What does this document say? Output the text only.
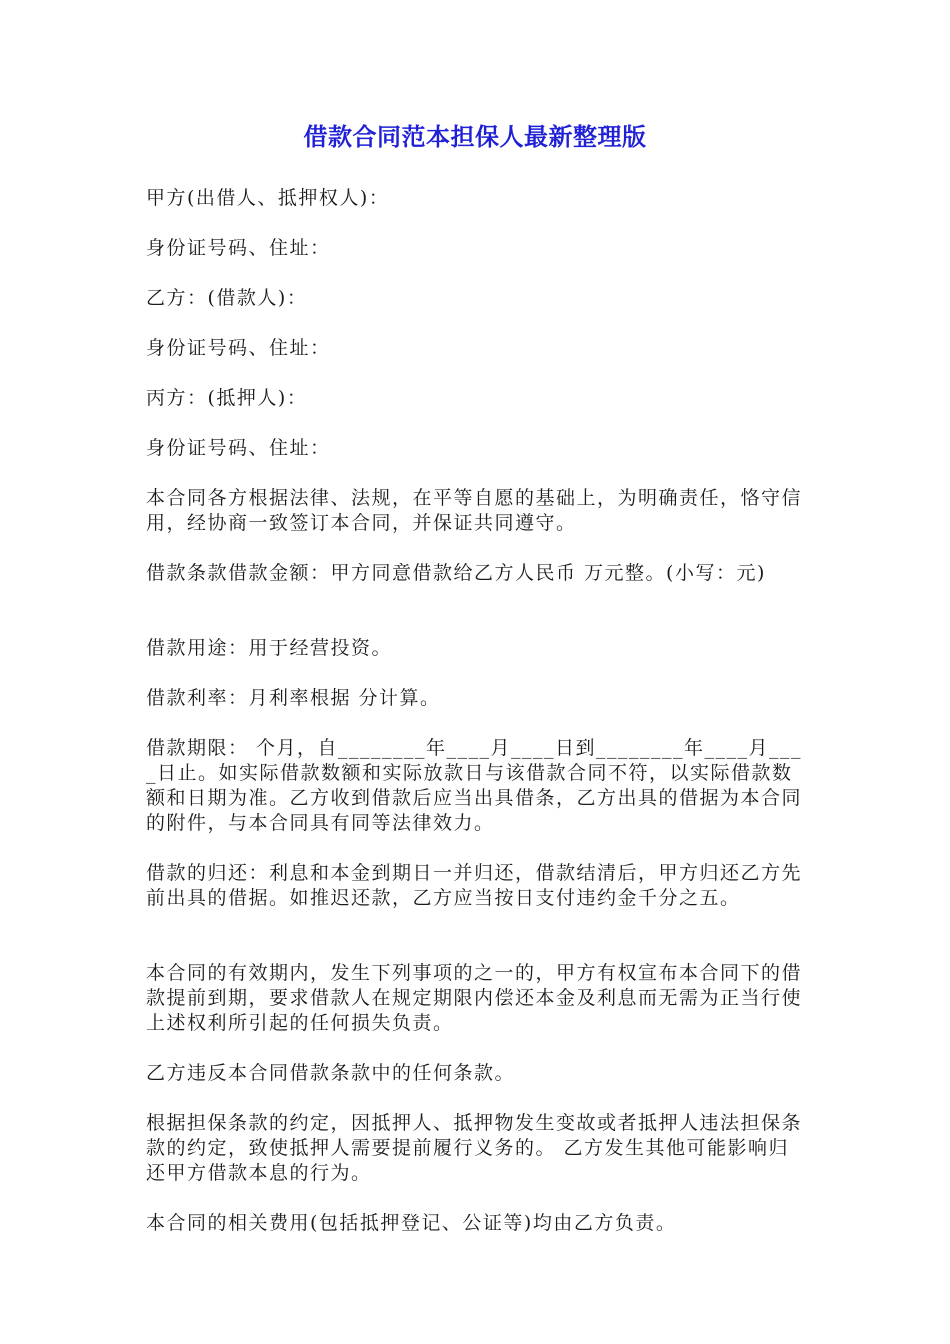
借款合同范本担保人最新整理版

甲方(出借人、抵押权人)：

身份证号码、住址：

乙方：(借款人)：

身份证号码、住址：

丙方：(抵押人)：

身份证号码、住址：

本合同各方根据法律、法规，在平等自愿的基础上，为明确责任，恪守信用，经协商一致签订本合同，并保证共同遵守。

借款条款借款金额：甲方同意借款给乙方人民币 万元整。(小写：元)

借款用途：用于经营投资。

借款利率：月利率根据 分计算。

借款期限： 个月，自________年____月____日到________年____月____日止。如实际借款数额和实际放款日与该借款合同不符，以实际借款数额和日期为准。乙方收到借款后应当出具借条，乙方出具的借据为本合同的附件，与本合同具有同等法律效力。

借款的归还：利息和本金到期日一并归还，借款结清后，甲方归还乙方先前出具的借据。如推迟还款，乙方应当按日支付违约金千分之五。

本合同的有效期内，发生下列事项的之一的，甲方有权宣布本合同下的借款提前到期，要求借款人在规定期限内偿还本金及利息而无需为正当行使上述权利所引起的任何损失负责。

乙方违反本合同借款条款中的任何条款。

根据担保条款的约定，因抵押人、抵押物发生变故或者抵押人违法担保条款的约定，致使抵押人需要提前履行义务的。 乙方发生其他可能影响归还甲方借款本息的行为。

本合同的相关费用(包括抵押登记、公证等)均由乙方负责。
